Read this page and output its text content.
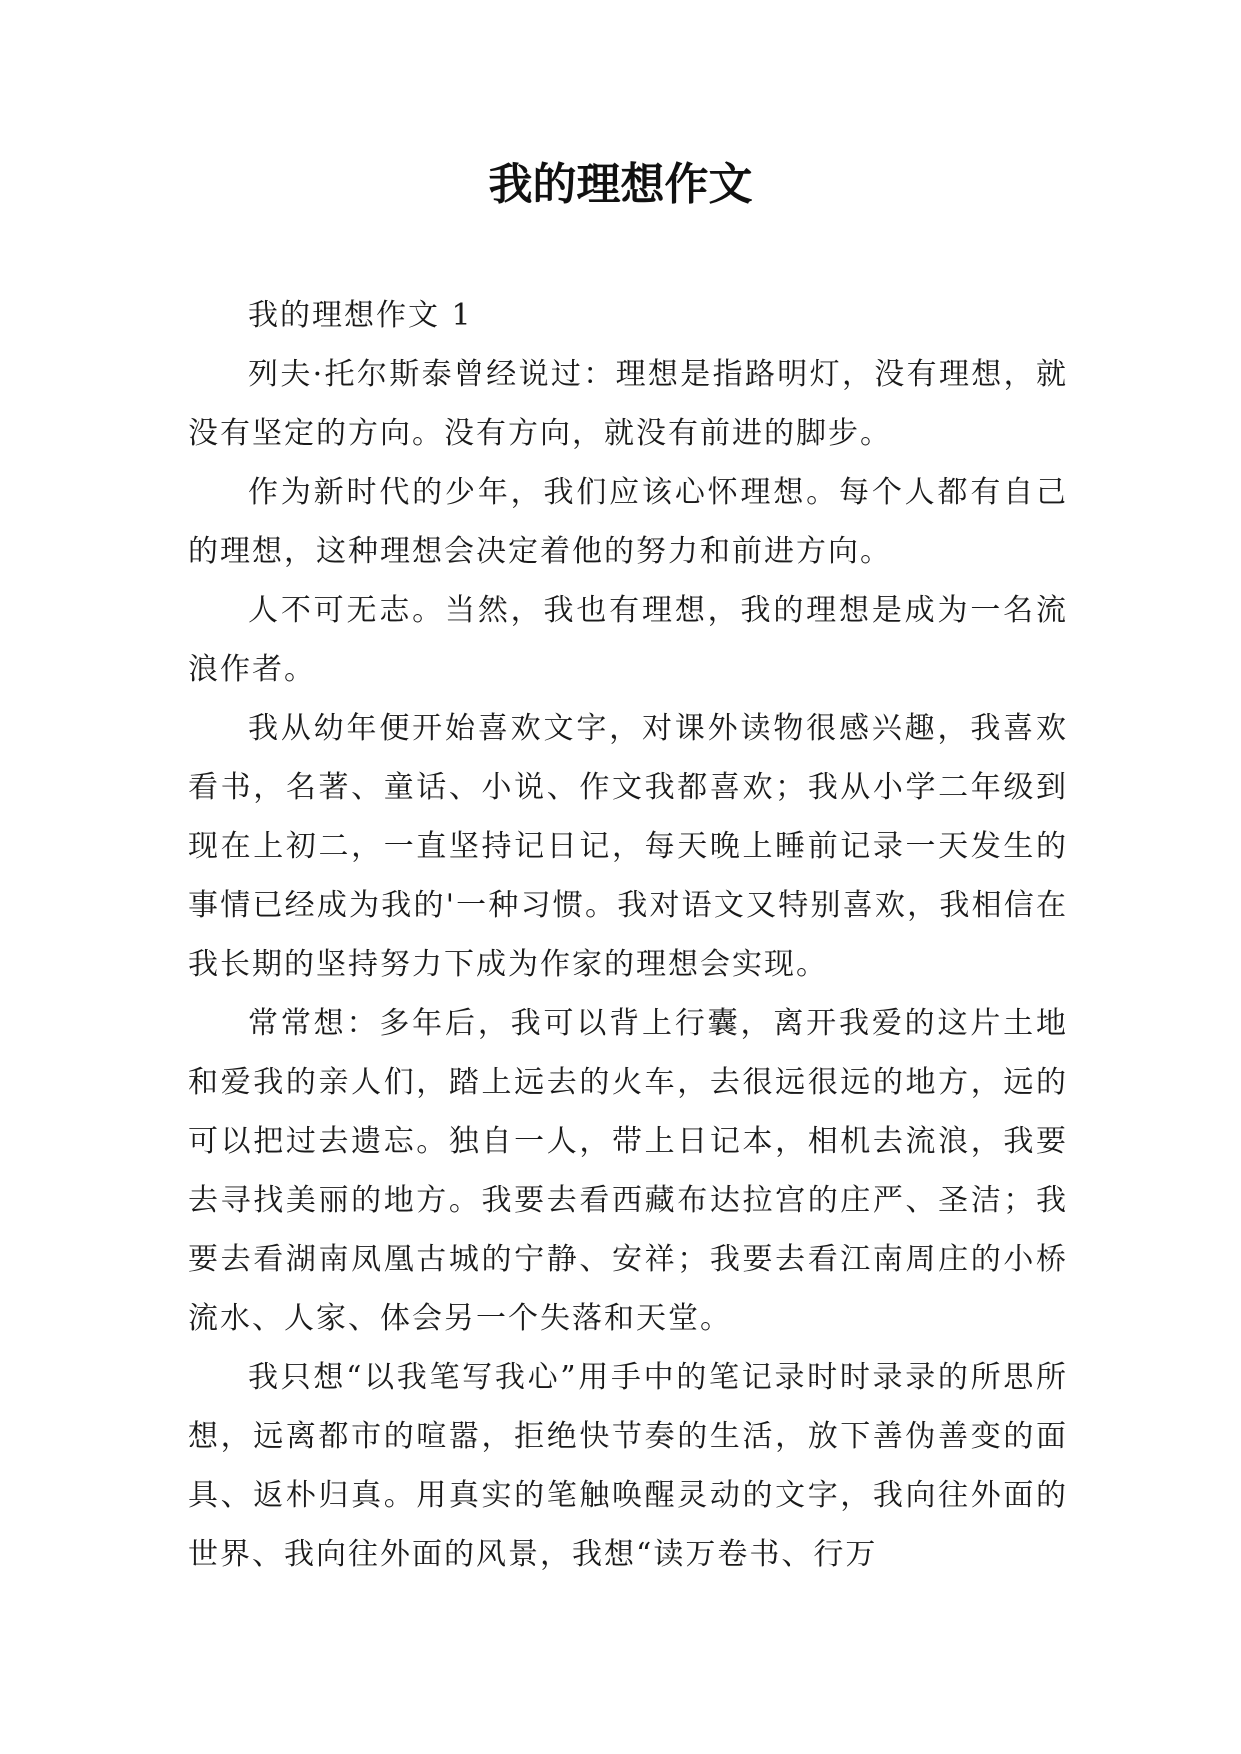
我的理想作文

我的理想作文 1

列夫·托尔斯泰曾经说过：理想是指路明灯，没有理想，就没有坚定的方向。没有方向，就没有前进的脚步。

作为新时代的少年，我们应该心怀理想。每个人都有自己的理想，这种理想会决定着他的努力和前进方向。

人不可无志。当然，我也有理想，我的理想是成为一名流浪作者。

我从幼年便开始喜欢文字，对课外读物很感兴趣，我喜欢看书，名著、童话、小说、作文我都喜欢；我从小学二年级到现在上初二，一直坚持记日记，每天晚上睡前记录一天发生的事情已经成为我的'一种习惯。我对语文又特别喜欢，我相信在我长期的坚持努力下成为作家的理想会实现。

常常想：多年后，我可以背上行囊，离开我爱的这片土地和爱我的亲人们，踏上远去的火车，去很远很远的地方，远的可以把过去遗忘。独自一人，带上日记本，相机去流浪，我要去寻找美丽的地方。我要去看西藏布达拉宫的庄严、圣洁；我要去看湖南凤凰古城的宁静、安祥；我要去看江南周庄的小桥流水、人家、体会另一个失落和天堂。

我只想“以我笔写我心”用手中的笔记录时时录录的所思所想，远离都市的喧嚣，拒绝快节奏的生活，放下善伪善变的面具、返朴归真。用真实的笔触唤醒灵动的文字，我向往外面的世界、我向往外面的风景，我想“读万卷书、行万
